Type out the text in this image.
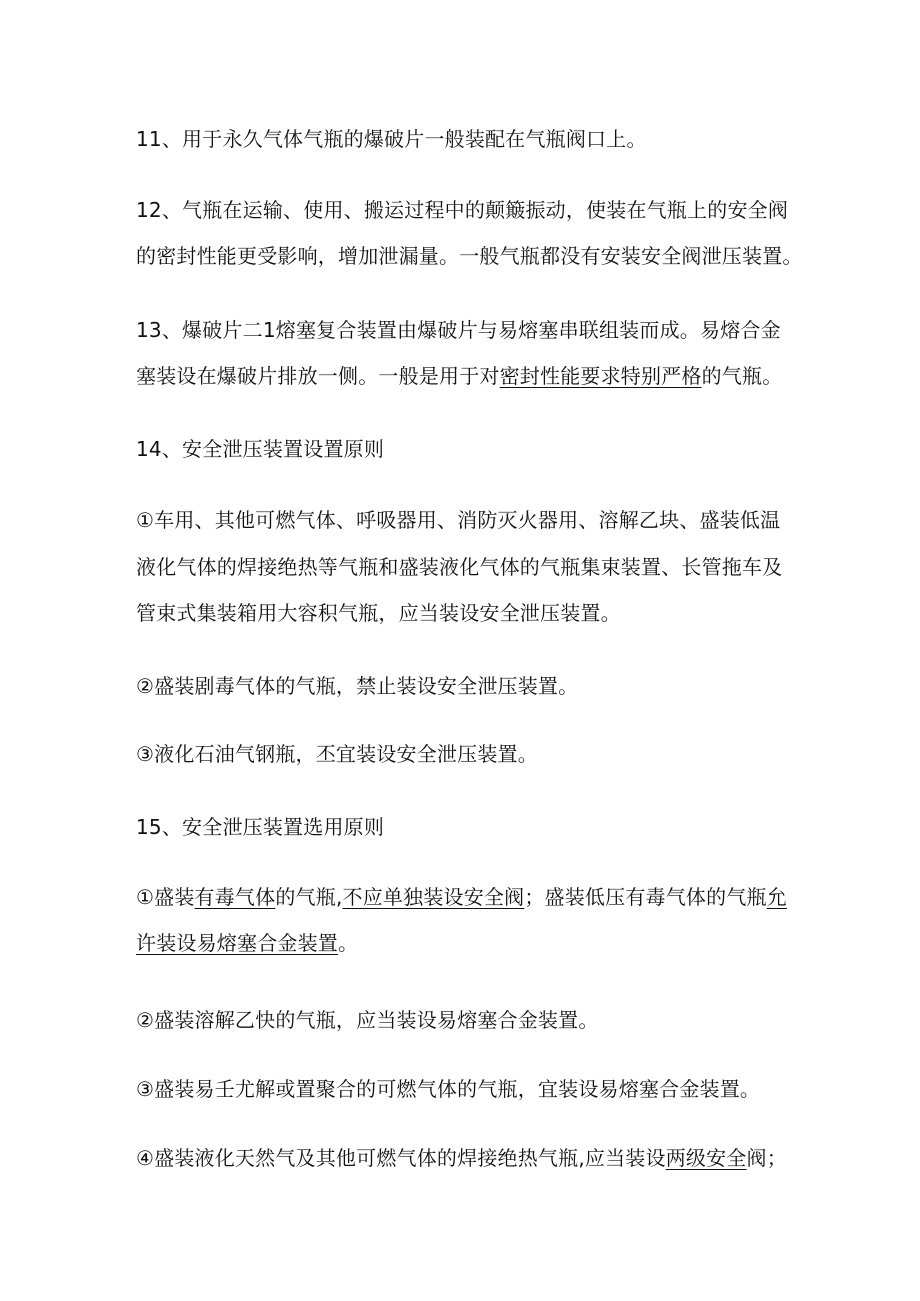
11、用于永久气体气瓶的爆破片一般装配在气瓶阀口上。
12、气瓶在运输、使用、搬运过程中的颠簸振动，使装在气瓶上的安全阀
的密封性能更受影响，增加泄漏量。一般气瓶都没有安装安全阀泄压装置。
13、爆破片二1熔塞复合装置由爆破片与易熔塞串联组装而成。易熔合金
塞装设在爆破片排放一侧。一般是用于对密封性能要求特别严格的气瓶。
14、安全泄压装置设置原则
①车用、其他可燃气体、呼吸器用、消防灭火器用、溶解乙块、盛装低温
液化气体的焊接绝热等气瓶和盛装液化气体的气瓶集束装置、长管拖车及
管束式集装箱用大容积气瓶，应当装设安全泄压装置。
②盛装剧毒气体的气瓶，禁止装设安全泄压装置。
③液化石油气钢瓶，丕宜装设安全泄压装置。
15、安全泄压装置选用原则
①盛装有毒气体的气瓶,不应单独装设安全阀；盛装低压有毒气体的气瓶允
许装设易熔塞合金装置。
②盛装溶解乙快的气瓶，应当装设易熔塞合金装置。
③盛装易壬尤解或置聚合的可燃气体的气瓶，宜装设易熔塞合金装置。
④盛装液化天然气及其他可燃气体的焊接绝热气瓶,应当装设两级安全阀；
